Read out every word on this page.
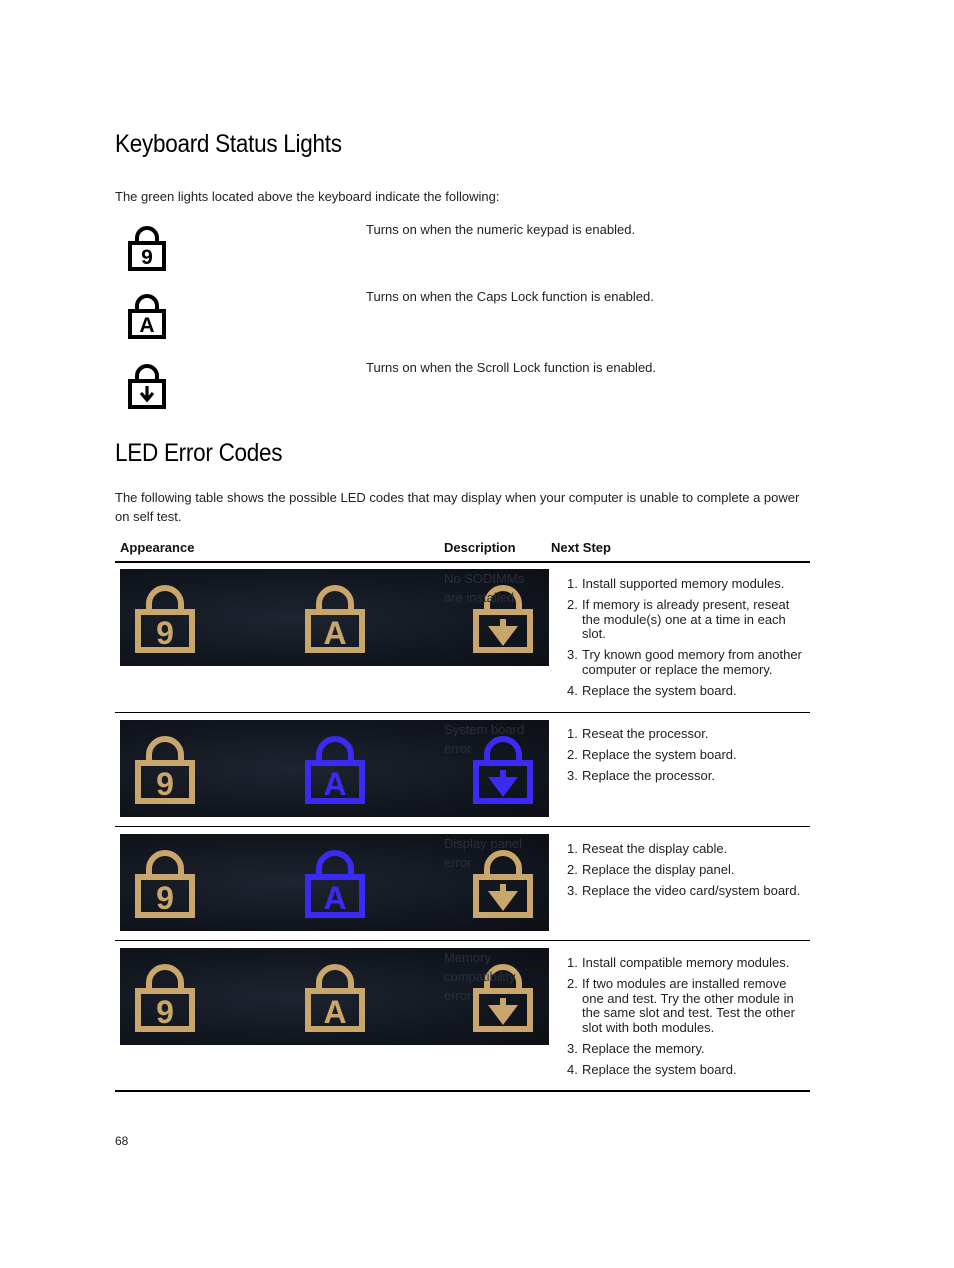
Keyboard Status Lights
The green lights located above the keyboard indicate the following:
9
Turns on when the numeric keypad is enabled.
A
Turns on when the Caps Lock function is enabled.
Turns on when the Scroll Lock function is enabled.
LED Error Codes
The following table shows the possible LED codes that may display when your computer is unable to complete a power
on self test.
Appearance	Description	Next Step
9	A
No SODIMMs
are installed
1. Install supported memory modules.
2. If memory is already present, reseat the module(s) one at a time in each slot.
3. Try known good memory from another computer or replace the memory.
4. Replace the system board.
9	A
System board
error
1. Reseat the processor.
2. Replace the system board.
3. Replace the processor.
9	A
Display panel
error
1. Reseat the display cable.
2. Replace the display panel.
3. Replace the video card/system board.
9	A
Memory
compatibility
error
1. Install compatible memory modules.
2. If two modules are installed remove one and test. Try the other module in the same slot and test. Test the other slot with both modules.
3. Replace the memory.
4. Replace the system board.
68
